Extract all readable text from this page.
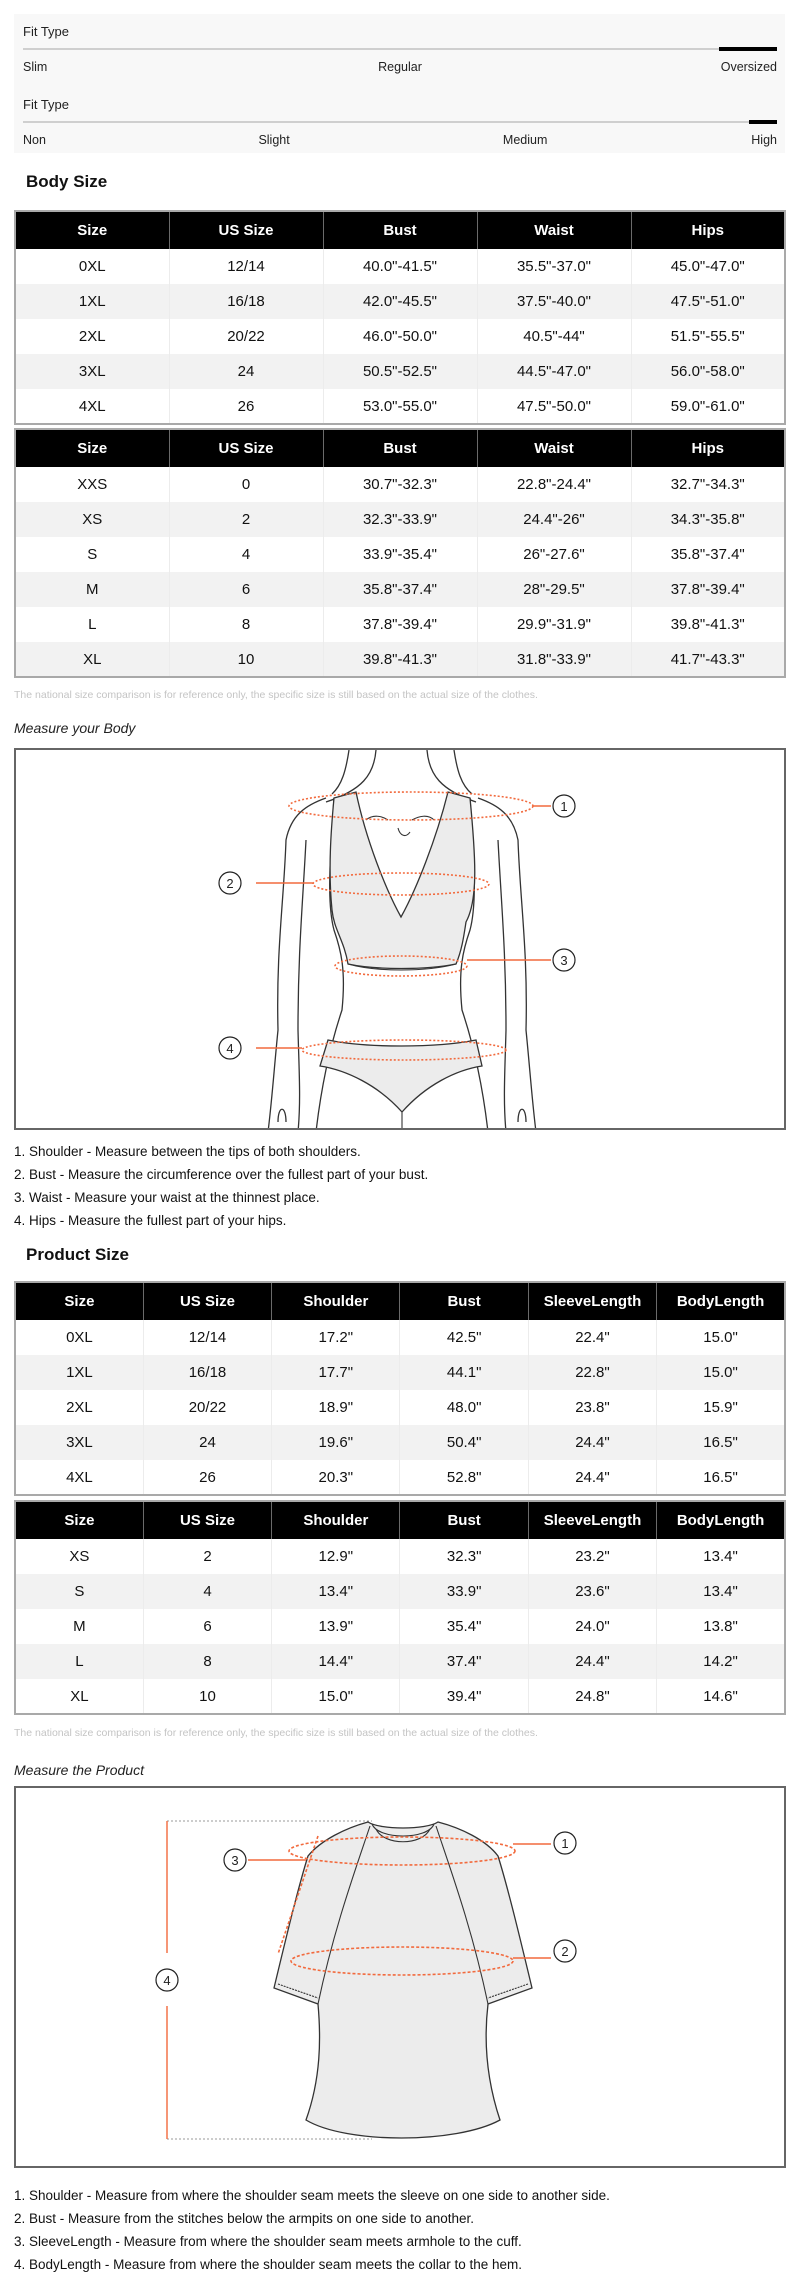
Fit Type
Slim	Regular	Oversized
Fit Type
Non	Slight	Medium	High
Body Size
Size	US Size	Bust	Waist	Hips
0XL	12/14	40.0"-41.5"	35.5"-37.0"	45.0"-47.0"
1XL	16/18	42.0"-45.5"	37.5"-40.0"	47.5"-51.0"
2XL	20/22	46.0"-50.0"	40.5"-44"	51.5"-55.5"
3XL	24	50.5"-52.5"	44.5"-47.0"	56.0"-58.0"
4XL	26	53.0"-55.0"	47.5"-50.0"	59.0"-61.0"
Size	US Size	Bust	Waist	Hips
XXS	0	30.7"-32.3"	22.8"-24.4"	32.7"-34.3"
XS	2	32.3"-33.9"	24.4"-26"	34.3"-35.8"
S	4	33.9"-35.4"	26"-27.6"	35.8"-37.4"
M	6	35.8"-37.4"	28"-29.5"	37.8"-39.4"
L	8	37.8"-39.4"	29.9"-31.9"	39.8"-41.3"
XL	10	39.8"-41.3"	31.8"-33.9"	41.7"-43.3"
The national size comparison is for reference only, the specific size is still based on the actual size of the clothes.
Measure your Body
1
2
3
4
1. Shoulder - Measure between the tips of both shoulders.
2. Bust - Measure the circumference over the fullest part of your bust.
3. Waist - Measure your waist at the thinnest place.
4. Hips - Measure the fullest part of your hips.
Product Size
Size	US Size	Shoulder	Bust	SleeveLength	BodyLength
0XL	12/14	17.2"	42.5"	22.4"	15.0"
1XL	16/18	17.7"	44.1"	22.8"	15.0"
2XL	20/22	18.9"	48.0"	23.8"	15.9"
3XL	24	19.6"	50.4"	24.4"	16.5"
4XL	26	20.3"	52.8"	24.4"	16.5"
Size	US Size	Shoulder	Bust	SleeveLength	BodyLength
XS	2	12.9"	32.3"	23.2"	13.4"
S	4	13.4"	33.9"	23.6"	13.4"
M	6	13.9"	35.4"	24.0"	13.8"
L	8	14.4"	37.4"	24.4"	14.2"
XL	10	15.0"	39.4"	24.8"	14.6"
The national size comparison is for reference only, the specific size is still based on the actual size of the clothes.
Measure the Product
1
2
3
4
1. Shoulder - Measure from where the shoulder seam meets the sleeve on one side to another side.
2. Bust - Measure from the stitches below the armpits on one side to another.
3. SleeveLength - Measure from where the shoulder seam meets armhole to the cuff.
4. BodyLength - Measure from where the shoulder seam meets the collar to the hem.
